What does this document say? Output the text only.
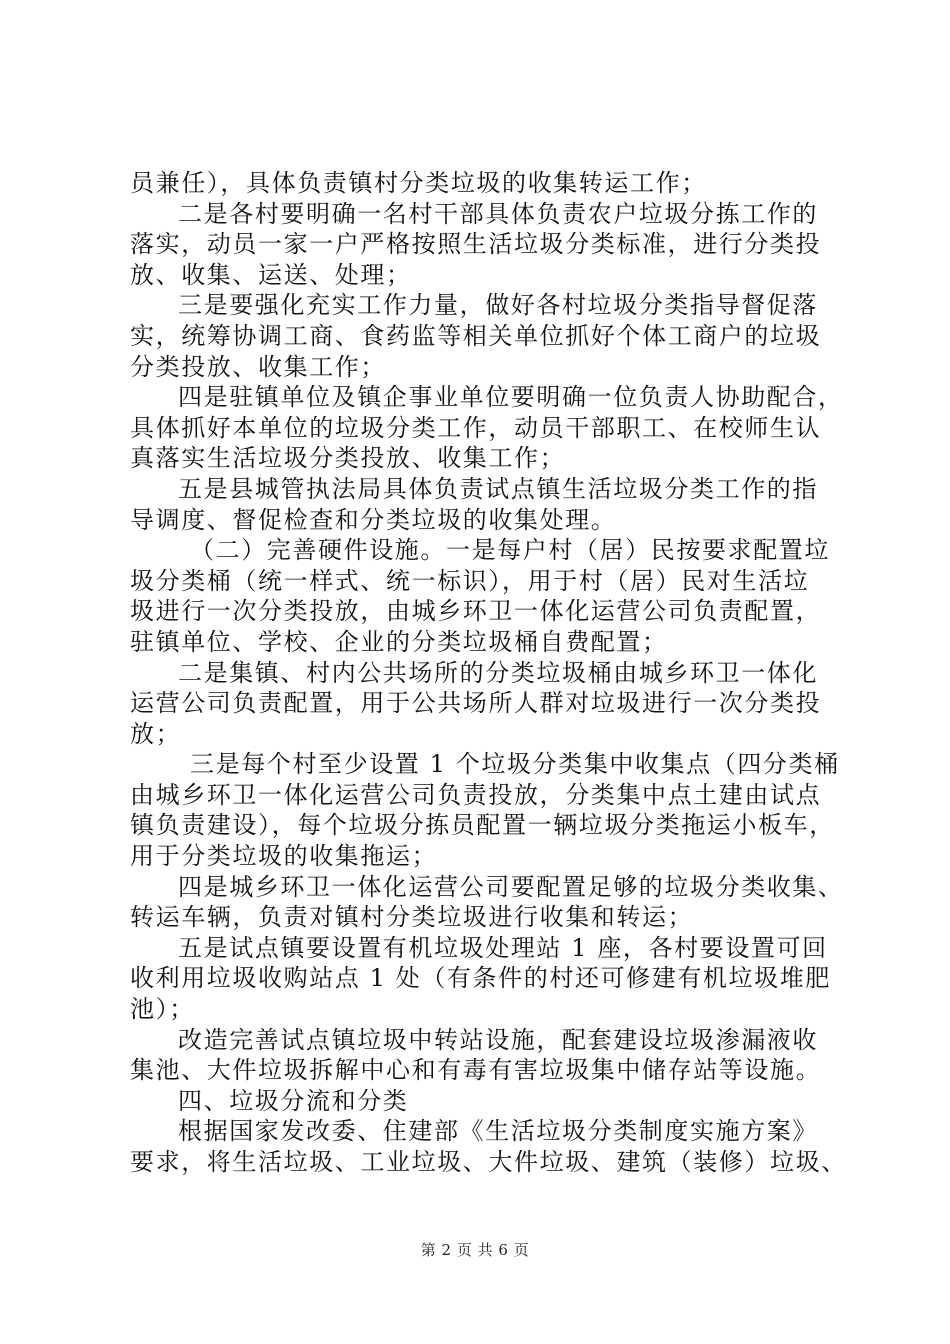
员兼任），具体负责镇村分类垃圾的收集转运工作；
二是各村要明确一名村干部具体负责农户垃圾分拣工作的
落实，动员一家一户严格按照生活垃圾分类标准，进行分类投
放、收集、运送、处理；
三是要强化充实工作力量，做好各村垃圾分类指导督促落
实，统筹协调工商、食药监等相关单位抓好个体工商户的垃圾
分类投放、收集工作；
四是驻镇单位及镇企事业单位要明确一位负责人协助配合，
具体抓好本单位的垃圾分类工作，动员干部职工、在校师生认
真落实生活垃圾分类投放、收集工作；
五是县城管执法局具体负责试点镇生活垃圾分类工作的指
导调度、督促检查和分类垃圾的收集处理。
（二）完善硬件设施。一是每户村（居）民按要求配置垃
圾分类桶（统一样式、统一标识），用于村（居）民对生活垃
圾进行一次分类投放，由城乡环卫一体化运营公司负责配置，
驻镇单位、学校、企业的分类垃圾桶自费配置；
二是集镇、村内公共场所的分类垃圾桶由城乡环卫一体化
运营公司负责配置，用于公共场所人群对垃圾进行一次分类投
放；
三是每个村至少设置 1 个垃圾分类集中收集点（四分类桶
由城乡环卫一体化运营公司负责投放，分类集中点土建由试点
镇负责建设），每个垃圾分拣员配置一辆垃圾分类拖运小板车，
用于分类垃圾的收集拖运；
四是城乡环卫一体化运营公司要配置足够的垃圾分类收集、
转运车辆，负责对镇村分类垃圾进行收集和转运；
五是试点镇要设置有机垃圾处理站 1 座，各村要设置可回
收利用垃圾收购站点 1 处（有条件的村还可修建有机垃圾堆肥
池）；
改造完善试点镇垃圾中转站设施，配套建设垃圾渗漏液收
集池、大件垃圾拆解中心和有毒有害垃圾集中储存站等设施。
四、垃圾分流和分类
根据国家发改委、住建部《生活垃圾分类制度实施方案》
要求，将生活垃圾、工业垃圾、大件垃圾、建筑（装修）垃圾、
第 2 页 共 6 页
